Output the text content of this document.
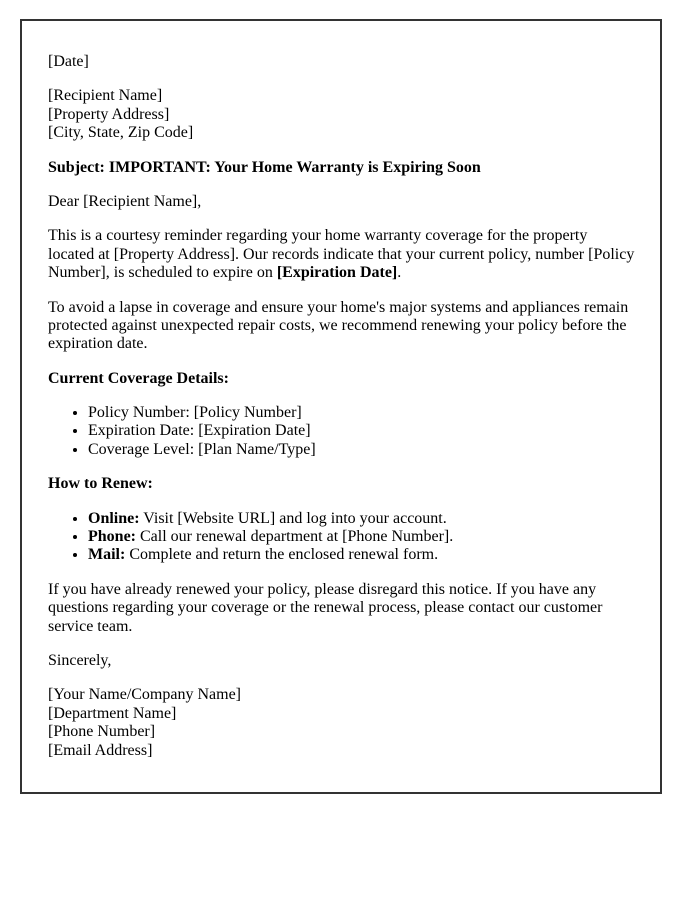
[Date]

[Recipient Name]
[Property Address]
[City, State, Zip Code]

Subject: IMPORTANT: Your Home Warranty is Expiring Soon

Dear [Recipient Name],

This is a courtesy reminder regarding your home warranty coverage for the property located at [Property Address]. Our records indicate that your current policy, number [Policy Number], is scheduled to expire on [Expiration Date].

To avoid a lapse in coverage and ensure your home's major systems and appliances remain protected against unexpected repair costs, we recommend renewing your policy before the expiration date.

Current Coverage Details:

• Policy Number: [Policy Number]
• Expiration Date: [Expiration Date]
• Coverage Level: [Plan Name/Type]

How to Renew:

• Online: Visit [Website URL] and log into your account.
• Phone: Call our renewal department at [Phone Number].
• Mail: Complete and return the enclosed renewal form.

If you have already renewed your policy, please disregard this notice. If you have any questions regarding your coverage or the renewal process, please contact our customer service team.

Sincerely,

[Your Name/Company Name]
[Department Name]
[Phone Number]
[Email Address]
